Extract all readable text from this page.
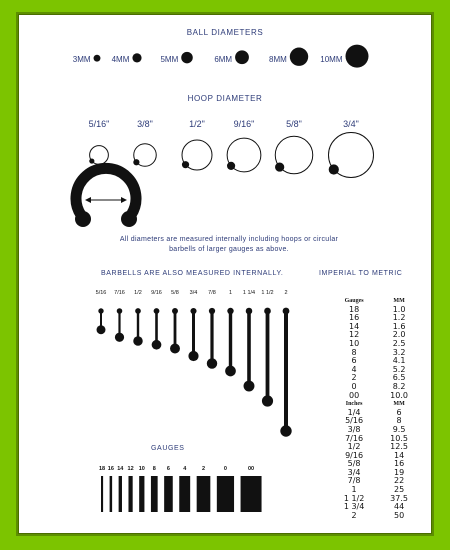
BALL DIAMETERS
HOOP DIAMETER
All diameters are measured internally including hoops or circular
barbells of larger gauges as above.
BARBELLS ARE ALSO MEASURED INTERNALLY.	IMPERIAL TO METRIC
GAUGES
3MM	4MM	5MM	6MM	8MM	10MM
5/16"	3/8"	1/2"	9/16"	5/8"	3/4"
5/16 7/16 1/2 9/16 5/8 3/4 7/8 1 1 1/4 1 1/2 2
18 16 14 12 10 8 6 4	2	0	00
Gauges	MM
18	1.0
16	1.2
14	1.6
12	2.0
10	2.5
8	3.2
6	4.1
4	5.2
2	6.5
0	8.2
00	10.0
Inches	MM
1/4	6
5/16	8
3/8	9.5
7/16	10.5
1/2	12.5
9/16	14
5/8	16
3/4	19
7/8	22
1	25
1 1/2	37.5
1 3/4	44
2	50
